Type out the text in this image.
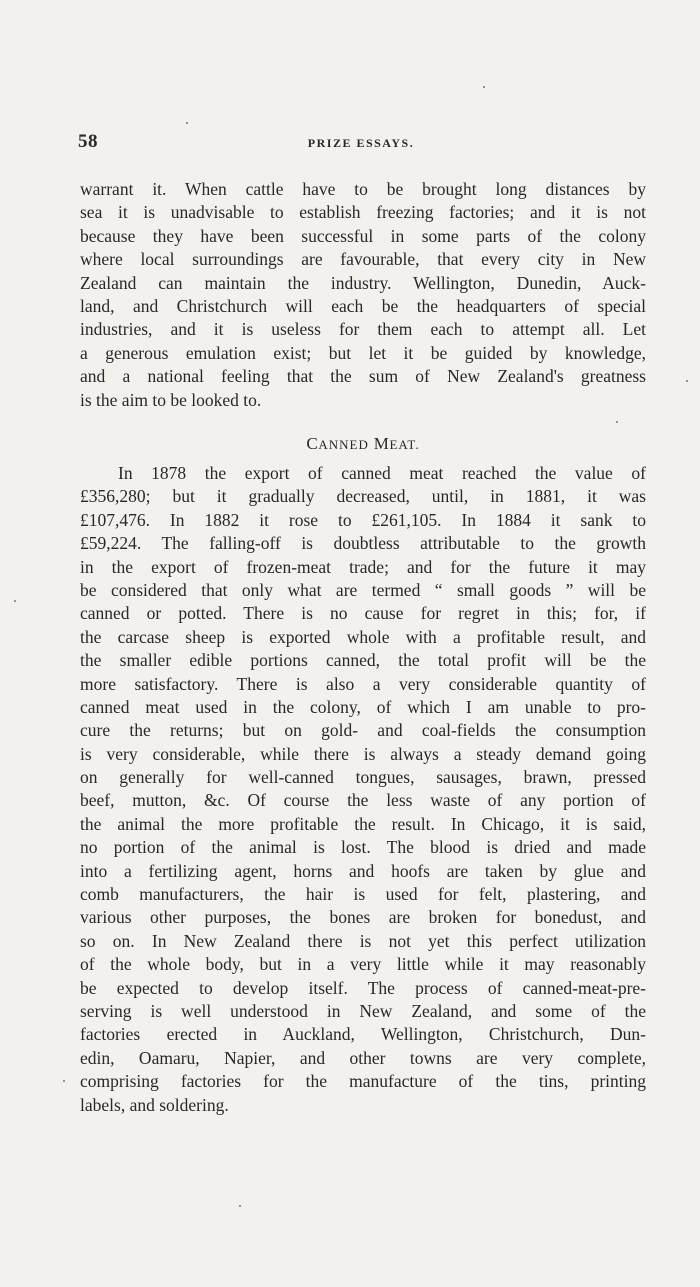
58	PRIZE ESSAYS.
warrant it. When cattle have to be brought long distances by
sea it is unadvisable to establish freezing factories; and it is not
because they have been successful in some parts of the colony
where local surroundings are favourable, that every city in New
Zealand can maintain the industry. Wellington, Dunedin, Auck-
land, and Christchurch will each be the headquarters of special
industries, and it is useless for them each to attempt all. Let
a generous emulation exist; but let it be guided by knowledge,
and a national feeling that the sum of New Zealand's greatness
is the aim to be looked to.
CANNED MEAT.
In 1878 the export of canned meat reached the value of
£356,280; but it gradually decreased, until, in 1881, it was
£107,476. In 1882 it rose to £261,105. In 1884 it sank to
£59,224. The falling-off is doubtless attributable to the growth
in the export of frozen-meat trade; and for the future it may
be considered that only what are termed “ small goods ” will be
canned or potted. There is no cause for regret in this; for, if
the carcase sheep is exported whole with a profitable result, and
the smaller edible portions canned, the total profit will be the
more satisfactory. There is also a very considerable quantity of
canned meat used in the colony, of which I am unable to pro-
cure the returns; but on gold- and coal-fields the consumption
is very considerable, while there is always a steady demand going
on generally for well-canned tongues, sausages, brawn, pressed
beef, mutton, &c. Of course the less waste of any portion of
the animal the more profitable the result. In Chicago, it is said,
no portion of the animal is lost. The blood is dried and made
into a fertilizing agent, horns and hoofs are taken by glue and
comb manufacturers, the hair is used for felt, plastering, and
various other purposes, the bones are broken for bonedust, and
so on. In New Zealand there is not yet this perfect utilization
of the whole body, but in a very little while it may reasonably
be expected to develop itself. The process of canned-meat-pre-
serving is well understood in New Zealand, and some of the
factories erected in Auckland, Wellington, Christchurch, Dun-
edin, Oamaru, Napier, and other towns are very complete,
comprising factories for the manufacture of the tins, printing
labels, and soldering.
